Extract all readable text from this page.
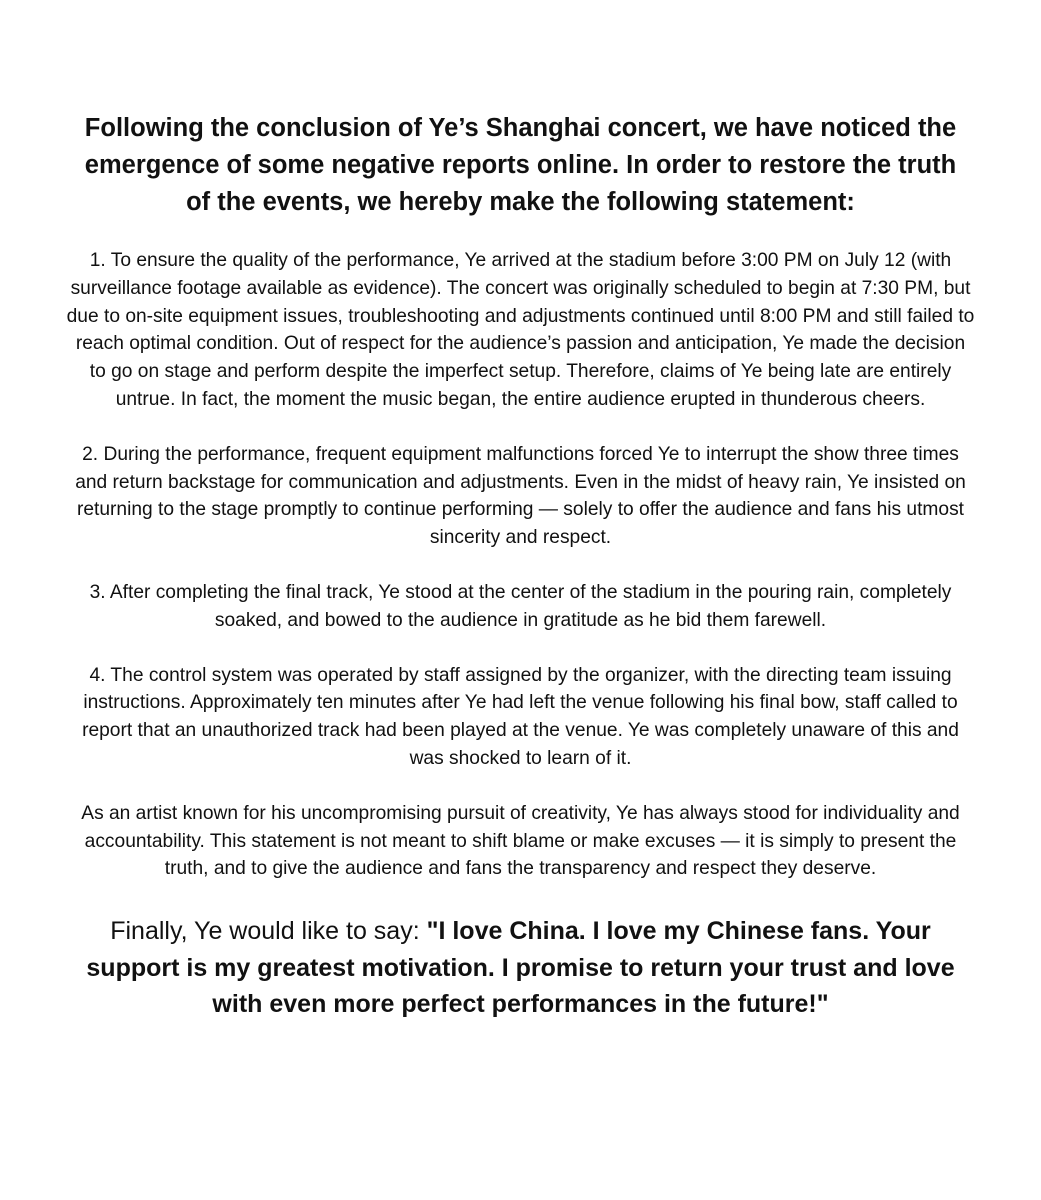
Following the conclusion of Ye’s Shanghai concert, we have noticed the emergence of some negative reports online. In order to restore the truth of the events, we hereby make the following statement:

1. To ensure the quality of the performance, Ye arrived at the stadium before 3:00 PM on July 12 (with surveillance footage available as evidence). The concert was originally scheduled to begin at 7:30 PM, but due to on-site equipment issues, troubleshooting and adjustments continued until 8:00 PM and still failed to reach optimal condition. Out of respect for the audience’s passion and anticipation, Ye made the decision to go on stage and perform despite the imperfect setup. Therefore, claims of Ye being late are entirely untrue. In fact, the moment the music began, the entire audience erupted in thunderous cheers.

2. During the performance, frequent equipment malfunctions forced Ye to interrupt the show three times and return backstage for communication and adjustments. Even in the midst of heavy rain, Ye insisted on returning to the stage promptly to continue performing — solely to offer the audience and fans his utmost sincerity and respect.

3. After completing the final track, Ye stood at the center of the stadium in the pouring rain, completely soaked, and bowed to the audience in gratitude as he bid them farewell.

4. The control system was operated by staff assigned by the organizer, with the directing team issuing instructions. Approximately ten minutes after Ye had left the venue following his final bow, staff called to report that an unauthorized track had been played at the venue. Ye was completely unaware of this and was shocked to learn of it.

As an artist known for his uncompromising pursuit of creativity, Ye has always stood for individuality and accountability. This statement is not meant to shift blame or make excuses — it is simply to present the truth, and to give the audience and fans the transparency and respect they deserve.

Finally, Ye would like to say: "I love China. I love my Chinese fans. Your support is my greatest motivation. I promise to return your trust and love with even more perfect performances in the future!"
